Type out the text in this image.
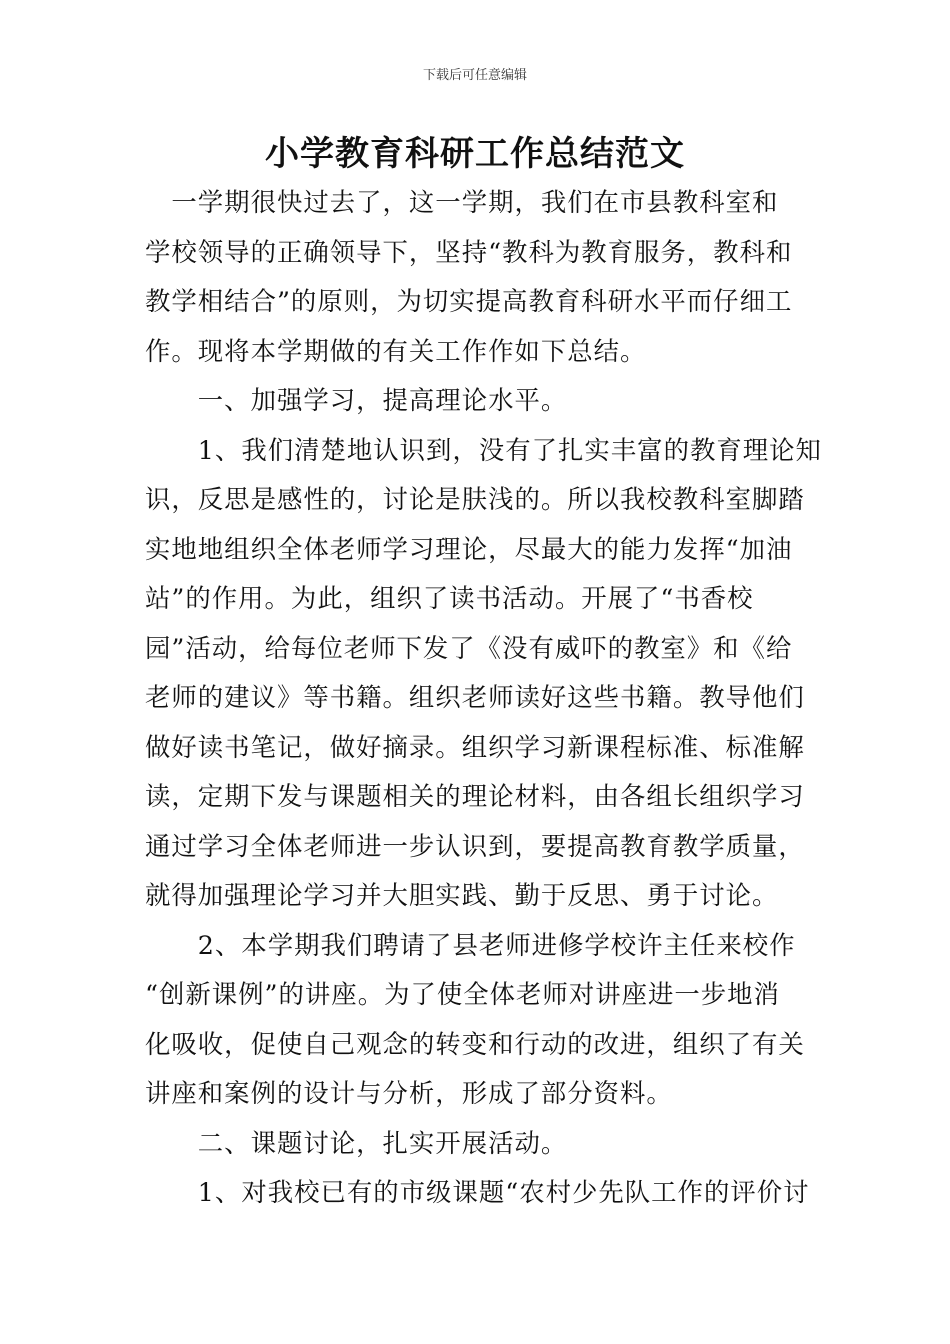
下载后可任意编辑
小学教育科研工作总结范文

　一学期很快过去了，这一学期，我们在市县教科室和

学校领导的正确领导下，坚持“教科为教育服务，教科和

教学相结合”的原则，为切实提高教育科研水平而仔细工

作。现将本学期做的有关工作作如下总结。

　　一、加强学习，提高理论水平。

　　1、我们清楚地认识到，没有了扎实丰富的教育理论知

识，反思是感性的，讨论是肤浅的。所以我校教科室脚踏

实地地组织全体老师学习理论，尽最大的能力发挥“加油

站”的作用。为此，组织了读书活动。开展了“书香校

园”活动，给每位老师下发了《没有威吓的教室》和《给

老师的建议》等书籍。组织老师读好这些书籍。教导他们

做好读书笔记，做好摘录。组织学习新课程标准、标准解

读，定期下发与课题相关的理论材料，由各组长组织学习

通过学习全体老师进一步认识到，要提高教育教学质量，

就得加强理论学习并大胆实践、勤于反思、勇于讨论。

　　2、本学期我们聘请了县老师进修学校许主任来校作

“创新课例”的讲座。为了使全体老师对讲座进一步地消

化吸收，促使自己观念的转变和行动的改进，组织了有关

讲座和案例的设计与分析，形成了部分资料。

　　二、课题讨论，扎实开展活动。

　　1、对我校已有的市级课题“农村少先队工作的评价讨
